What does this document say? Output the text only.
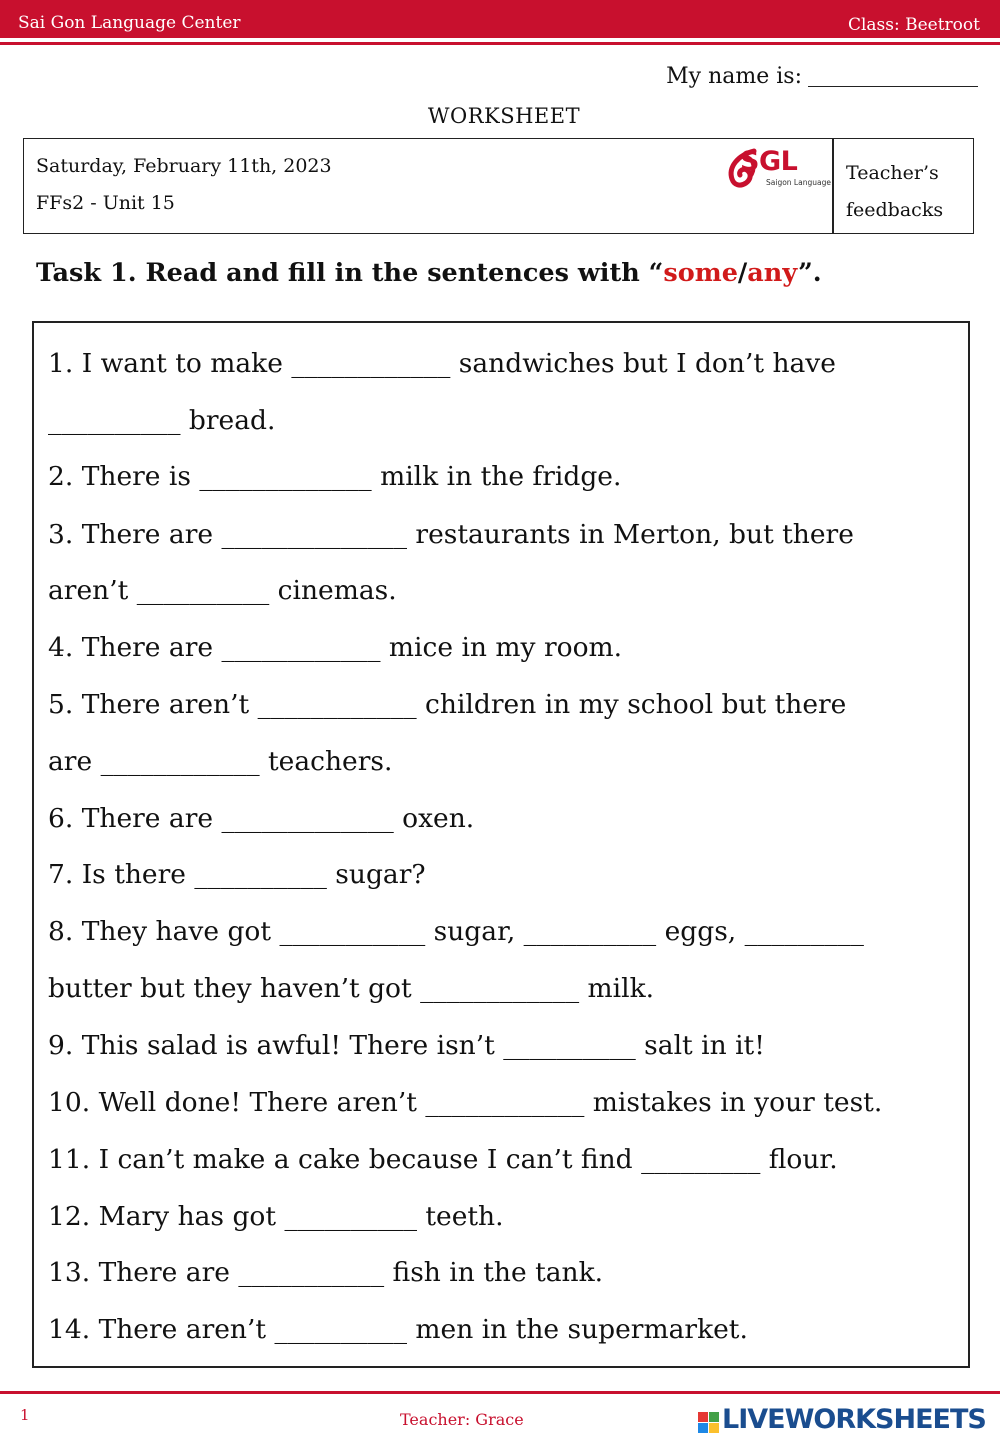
Sai Gon Language Center	Class: Beetroot
My name is:
WORKSHEET
Saturday, February 11th, 2023
FFs2 - Unit 15
Teacher’s
feedbacks
SGL
Saigon Language
Task 1. Read and fill in the sentences with “some/any”.
1. I want to make ____________ sandwiches but I don’t have
__________ bread.
2. There is _____________ milk in the fridge.
3. There are ______________ restaurants in Merton, but there
aren’t __________ cinemas.
4. There are ____________ mice in my room.
5. There aren’t ____________ children in my school but there
are ____________ teachers.
6. There are _____________ oxen.
7. Is there __________ sugar?
8. They have got ___________ sugar, __________ eggs, _________
butter but they haven’t got ____________ milk.
9. This salad is awful! There isn’t __________ salt in it!
10. Well done! There aren’t ____________ mistakes in your test.
11. I can’t make a cake because I can’t find _________ flour.
12. Mary has got __________ teeth.
13. There are ___________ fish in the tank.
14. There aren’t __________ men in the supermarket.
1	Teacher: Grace	LIVEWORKSHEETS
